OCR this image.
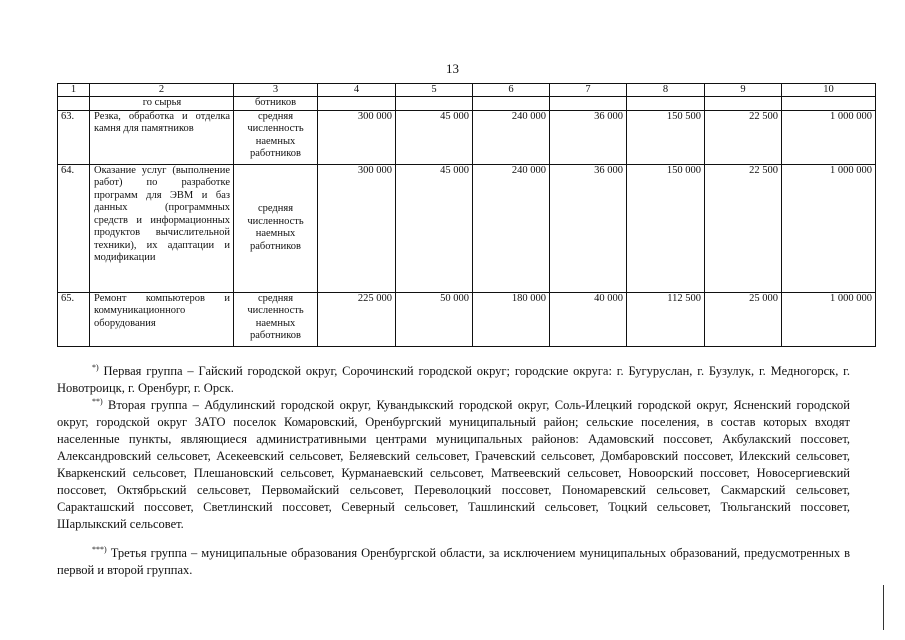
13
1	2	3	4	5	6	7	8	9	10
	го сырья	ботников							
63.	Резка, обработка и отделка камня для памятников	средняя численность наемных работников	300 000	45 000	240 000	36 000	150 500	22 500	1 000 000
64.	Оказание услуг (выполнение работ) по разработке программ для ЭВМ и баз данных (программных средств и информационных продуктов вычислительной техники), их адаптации и модификации	средняя численность наемных работников	300 000	45 000	240 000	36 000	150 000	22 500	1 000 000
65.	Ремонт компьютеров и коммуникационного оборудования	средняя численность наемных работников	225 000	50 000	180 000	40 000	112 500	25 000	1 000 000
*) Первая группа – Гайский городской округ, Сорочинский городской округ; городские округа: г. Бугуруслан, г. Бузулук, г. Медногорск, г. Новотроицк, г. Оренбург, г. Орск.
**) Вторая группа – Абдулинский городской округ, Кувандыкский городской округ, Соль-Илецкий городской округ, Ясненский городской округ, городской округ ЗАТО поселок Комаровский, Оренбургский муниципальный район; сельские поселения, в состав которых входят населенные пункты, являющиеся административными центрами муниципальных районов: Адамовский поссовет, Акбулакский поссовет, Александровский сельсовет, Асекеевский сельсовет, Беляевский сельсовет, Грачевский сельсовет, Домбаровский поссовет, Илекский сельсовет, Кваркенский сельсовет, Плешановский сельсовет, Курманаевский сельсовет, Матвеевский сельсовет, Новоорский поссовет, Новосергиевский поссовет, Октябрьский сельсовет, Первомайский сельсовет, Переволоцкий поссовет, Пономаревский сельсовет, Сакмарский сельсовет, Саракташский поссовет, Светлинский поссовет, Северный сельсовет, Ташлинский сельсовет, Тоцкий сельсовет, Тюльганский поссовет, Шарлыкский сельсовет.
***) Третья группа – муниципальные образования Оренбургской области, за исключением муниципальных образований, предусмотренных в первой и второй группах.
